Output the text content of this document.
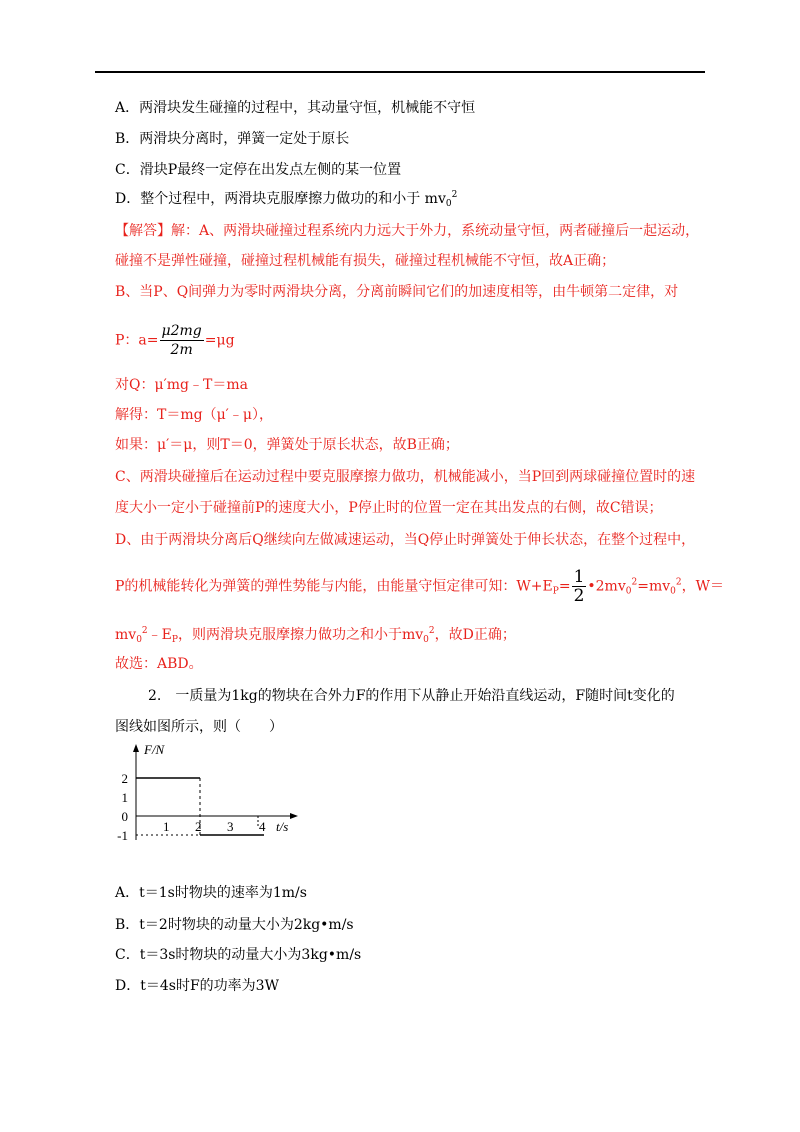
A．两滑块发生碰撞的过程中，其动量守恒，机械能不守恒
B．两滑块分离时，弹簧一定处于原长
C．滑块P最终一定停在出发点左侧的某一位置
D．整个过程中，两滑块克服摩擦力做功的和小于 $mv_0^2$
【解答】解：A、两滑块碰撞过程系统内力远大于外力，系统动量守恒，两者碰撞后一起运动，
碰撞不是弹性碰撞，碰撞过程机械能有损失，碰撞过程机械能不守恒，故A正确；
B、当P、Q间弹力为零时两滑块分离，分离前瞬间它们的加速度相等，由牛顿第二定律，对
P：$a= \frac{\mu 2mg}{2m} =\mu g$
对Q：μ′mg﹣T＝ma
解得：T＝mg（μ′﹣μ），
如果：μ′＝μ，则T＝0，弹簧处于原长状态，故B正确；
C、两滑块碰撞后在运动过程中要克服摩擦力做功，机械能减小，当P回到两球碰撞位置时的速
度大小一定小于碰撞前P的速度大小，P停止时的位置一定在其出发点的右侧，故C错误；
D、由于两滑块分离后Q继续向左做减速运动，当Q停止时弹簧处于伸长状态，在整个过程中，
P的机械能转化为弹簧的弹性势能与内能，由能量守恒定律可知：$W+E_P= \frac{1}{2}$ $•2mv_0^2=mv_0^2$，W＝
$mv_0^2﹣E_P$，则两滑块克服摩擦力做功之和小于$mv_0^2$，故D正确；
故选：ABD。
2.　一质量为1kg的物块在合外力F的作用下从静止开始沿直线运动，F随时间t变化的
图线如图所示，则（　　）
F/N
t/s
2
1
0
-1
1 2 3 4
A．t＝1s时物块的速率为1m/s
B．t＝2时物块的动量大小为2kg•m/s
C．t＝3s时物块的动量大小为3kg•m/s
D．t＝4s时F的功率为3W
